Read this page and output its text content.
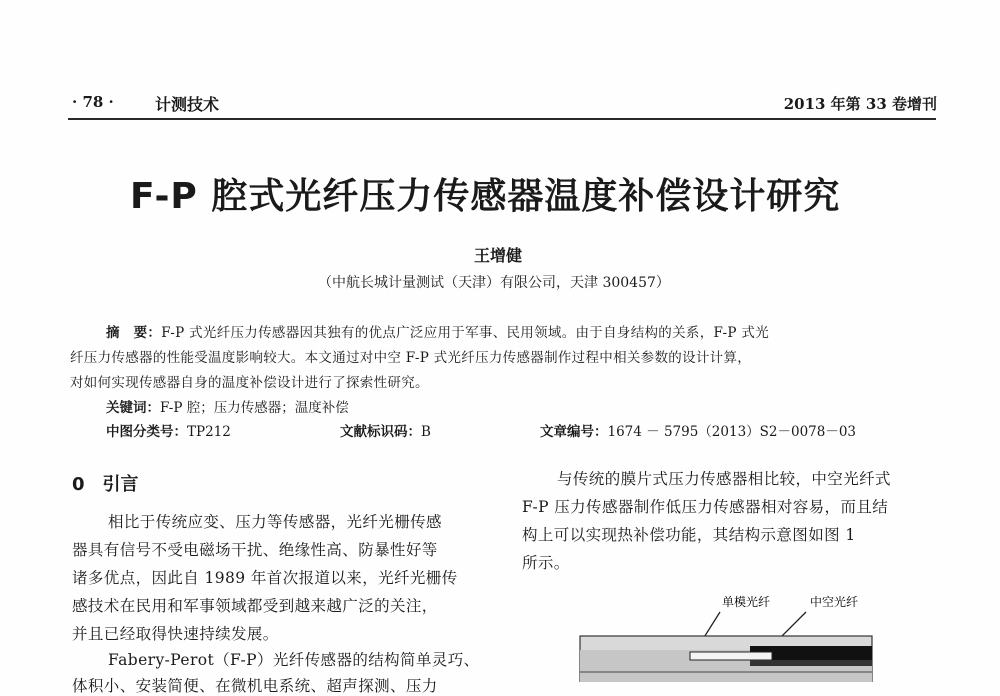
· 78 ·	计测技术	2013 年第 33 卷增刊
F-P 腔式光纤压力传感器温度补偿设计研究
王增健
（中航长城计量测试（天津）有限公司，天津 300457）
摘　要：F-P 式光纤压力传感器因其独有的优点广泛应用于军事、民用领域。由于自身结构的关系，F-P 式光
纤压力传感器的性能受温度影响较大。本文通过对中空 F-P 式光纤压力传感器制作过程中相关参数的设计计算，
对如何实现传感器自身的温度补偿设计进行了探索性研究。
关键词：F-P 腔；压力传感器；温度补偿
中图分类号：TP212	文献标识码：B	文章编号：1674 － 5795（2013）S2－0078－03
0　引言
相比于传统应变、压力等传感器，光纤光栅传感
器具有信号不受电磁场干扰、绝缘性高、防暴性好等
诸多优点，因此自 1989 年首次报道以来，光纤光栅传
感技术在民用和军事领域都受到越来越广泛的关注，
并且已经取得快速持续发展。
Fabery-Perot（F-P）光纤传感器的结构简单灵巧、
体积小、安装简便、在微机电系统、超声探测、压力
与传统的膜片式压力传感器相比较，中空光纤式
F-P 压力传感器制作低压力传感器相对容易，而且结
构上可以实现热补偿功能，其结构示意图如图 1
所示。
单模光纤	中空光纤
